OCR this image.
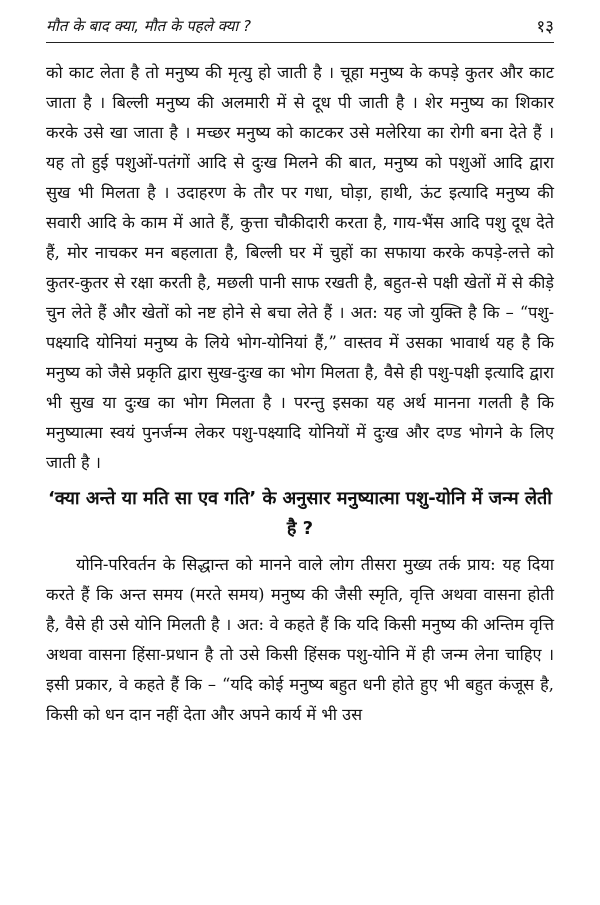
मौत के बाद क्या, मौत के पहले क्या ?	१३

को काट लेता है तो मनुष्य की मृत्यु हो जाती है । चूहा मनुष्य के कपड़े कुतर और काट जाता है । बिल्ली मनुष्य की अलमारी में से दूध पी जाती है । शेर मनुष्य का शिकार करके उसे खा जाता है । मच्छर मनुष्य को काटकर उसे मलेरिया का रोगी बना देते हैं । यह तो हुई पशुओं-पतंगों आदि से दुःख मिलने की बात, मनुष्य को पशुओं आदि द्वारा सुख भी मिलता है । उदाहरण के तौर पर गधा, घोड़ा, हाथी, ऊंट इत्यादि मनुष्य की सवारी आदि के काम में आते हैं, कुत्ता चौकीदारी करता है, गाय-भैंस आदि पशु दूध देते हैं, मोर नाचकर मन बहलाता है, बिल्ली घर में चुहों का सफाया करके कपड़े-लत्ते को कुतर-कुतर से रक्षा करती है, मछली पानी साफ रखती है, बहुत-से पक्षी खेतों में से कीड़े चुन लेते हैं और खेतों को नष्ट होने से बचा लेते हैं । अत: यह जो युक्ति है कि – “पशु-पक्ष्यादि योनियां मनुष्य के लिये भोग-योनियां हैं,” वास्तव में उसका भावार्थ यह है कि मनुष्य को जैसे प्रकृति द्वारा सुख-दुःख का भोग मिलता है, वैसे ही पशु-पक्षी इत्यादि द्वारा भी सुख या दुःख का भोग मिलता है । परन्तु इसका यह अर्थ मानना गलती है कि मनुष्यात्मा स्वयं पुनर्जन्म लेकर पशु-पक्ष्यादि योनियों में दुःख और दण्ड भोगने के लिए जाती है ।

‘क्या अन्ते या मति सा एव गति’ के अनुसार मनुष्यात्मा पशु-योनि में जन्म लेती है ?

योनि-परिवर्तन के सिद्धान्त को मानने वाले लोग तीसरा मुख्य तर्क प्राय: यह दिया करते हैं कि अन्त समय (मरते समय) मनुष्य की जैसी स्मृति, वृत्ति अथवा वासना होती है, वैसे ही उसे योनि मिलती है । अत: वे कहते हैं कि यदि किसी मनुष्य की अन्तिम वृत्ति अथवा वासना हिंसा-प्रधान है तो उसे किसी हिंसक पशु-योनि में ही जन्म लेना चाहिए । इसी प्रकार, वे कहते हैं कि – “यदि कोई मनुष्य बहुत धनी होते हुए भी बहुत कंजूस है, किसी को धन दान नहीं देता और अपने कार्य में भी उस
